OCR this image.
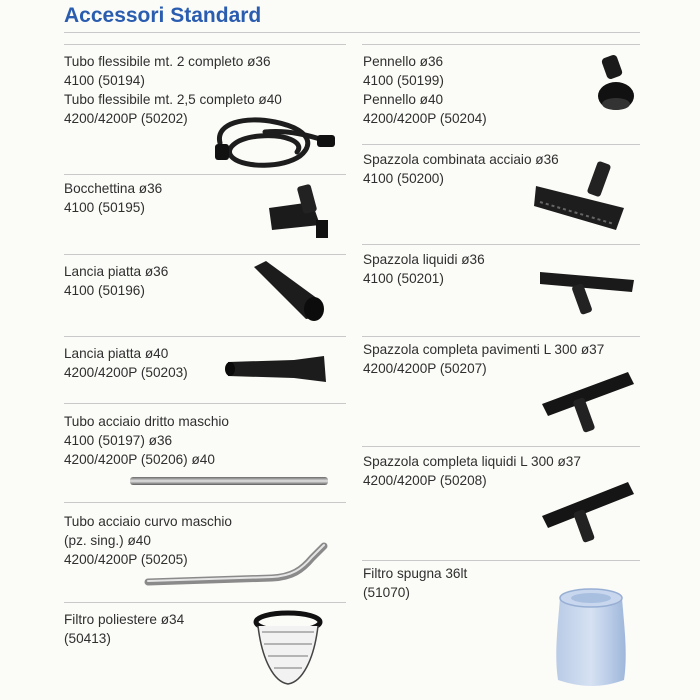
Accessori Standard
Tubo flessibile mt. 2 completo ø36
4100 (50194)
Tubo flessibile mt. 2,5 completo ø40
4200/4200P (50202)
Bocchettina ø36
4100 (50195)
Lancia piatta ø36
4100 (50196)
Lancia piatta ø40
4200/4200P (50203)
Tubo acciaio dritto maschio
4100 (50197) ø36
4200/4200P (50206) ø40
Tubo acciaio curvo maschio
(pz. sing.) ø40
4200/4200P (50205)
Filtro poliestere ø34
(50413)
Pennello ø36
4100 (50199)
Pennello ø40
4200/4200P (50204)
Spazzola combinata acciaio ø36
4100 (50200)
Spazzola liquidi ø36
4100 (50201)
Spazzola completa pavimenti L 300 ø37
4200/4200P (50207)
Spazzola completa liquidi L 300 ø37
4200/4200P (50208)
Filtro spugna 36lt
(51070)
